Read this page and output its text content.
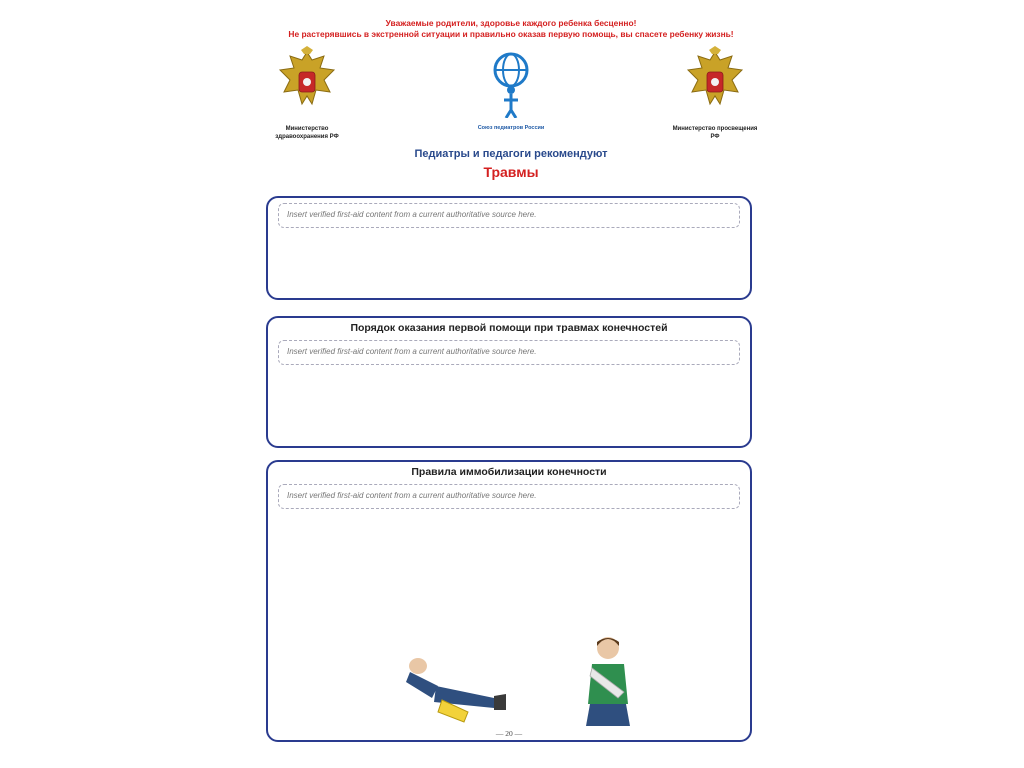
Уважаемые родители, здоровье каждого ребенка бесценно!
Не растерявшись в экстренной ситуации и правильно оказав первую помощь, вы спасете ребенку жизнь!
Министерство здравоохранения РФ
Союз педиатров России	Министерство просвещения РФ
Педиатры и педагоги рекомендуют
Травмы
Insert verified first-aid content from a current authoritative source here.
Порядок оказания первой помощи при травмах конечностей
Insert verified first-aid content from a current authoritative source here.
Правила иммобилизации конечности
Insert verified first-aid content from a current authoritative source here.
— 20 —
